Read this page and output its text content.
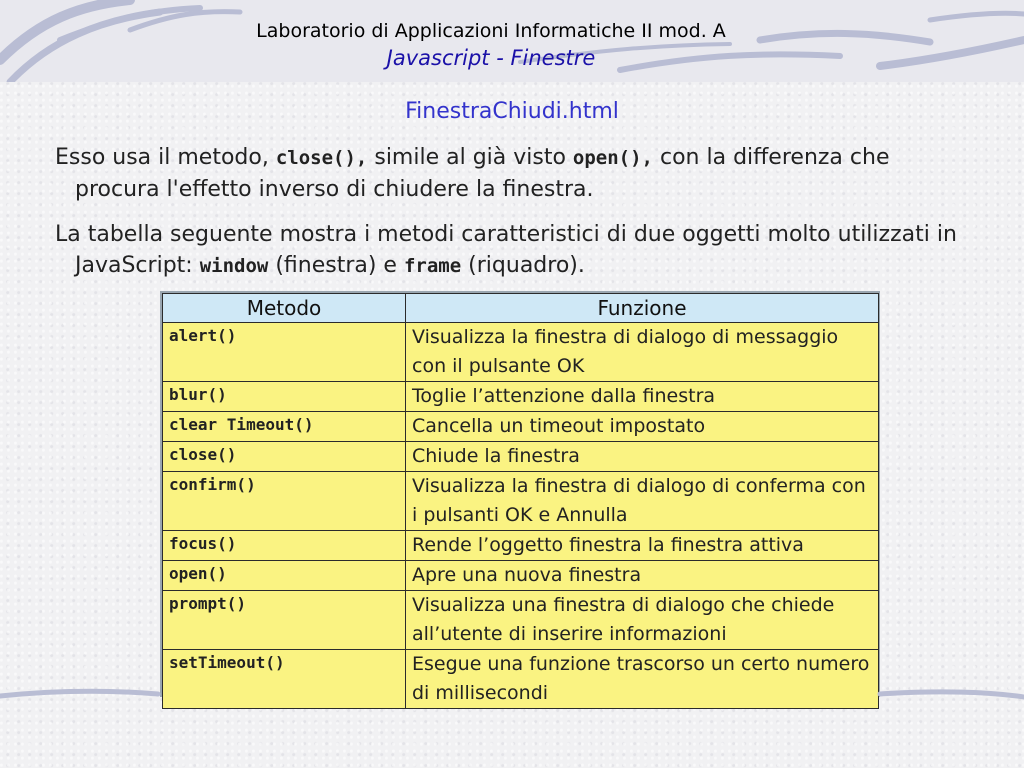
Laboratorio di Applicazioni Informatiche II mod. A
Javascript - Finestre
FinestraChiudi.html
Esso usa il metodo, close(), simile al già visto open(), con la differenza che procura l'effetto inverso di chiudere la finestra.
La tabella seguente mostra i metodi caratteristici di due oggetti molto utilizzati in JavaScript: window (finestra) e frame (riquadro).
Metodo	Funzione
alert()	Visualizza la finestra di dialogo di messaggio con il pulsante OK
blur()	Toglie l’attenzione dalla finestra
clear Timeout()	Cancella un timeout impostato
close()	Chiude la finestra
confirm()	Visualizza la finestra di dialogo di conferma con i pulsanti OK e Annulla
focus()	Rende l’oggetto finestra la finestra attiva
open()	Apre una nuova finestra
prompt()	Visualizza una finestra di dialogo che chiede all’utente di inserire informazioni
setTimeout()	Esegue una funzione trascorso un certo numero di millisecondi
